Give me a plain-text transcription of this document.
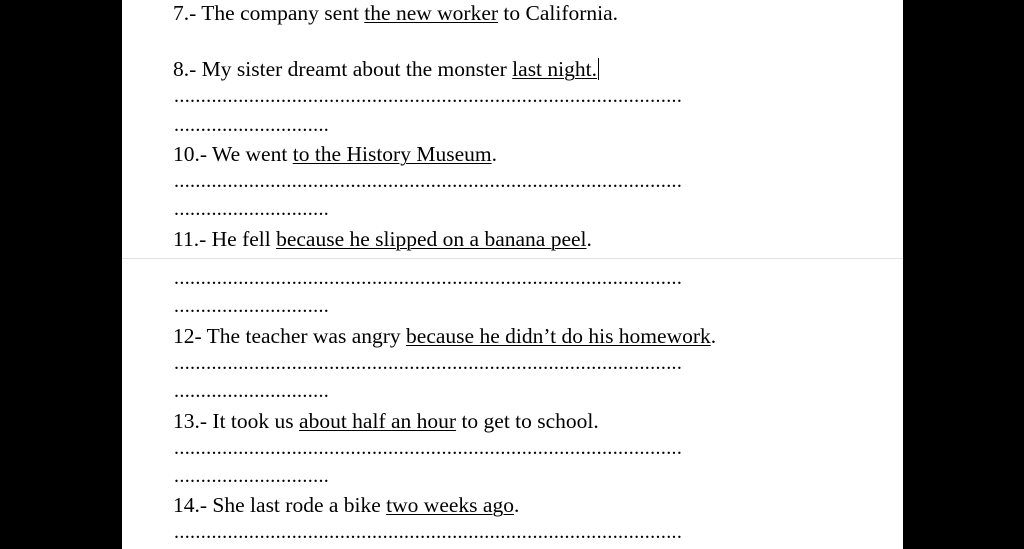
7.- The company sent the new worker to California.

8.- My sister dreamt about the monster last night.

...............................................................................................
.............................

10.- We went to the History Museum.

...............................................................................................
.............................

11.- He fell because he slipped on a banana peel.

...............................................................................................
.............................

12- The teacher was angry because he didn’t do his homework.

...............................................................................................
.............................

13.- It took us about half an hour to get to school.

...............................................................................................
.............................

14.- She last rode a bike two weeks ago.

...............................................................................................
